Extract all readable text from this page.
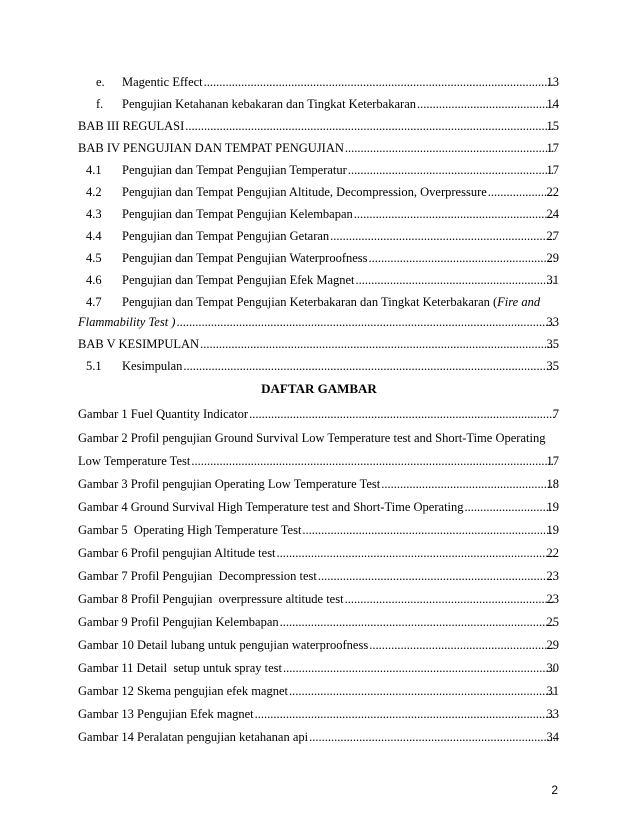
e. Magentic Effect .....	13
f. Pengujian Ketahanan kebakaran dan Tingkat Keterbakaran .....	14
BAB III REGULASI .....	15
BAB IV PENGUJIAN DAN TEMPAT PENGUJIAN .....	17
4.1 Pengujian dan Tempat Pengujian Temperatur .....	17
4.2 Pengujian dan Tempat Pengujian Altitude, Decompression, Overpressure .....	22
4.3 Pengujian dan Tempat Pengujian Kelembapan .....	24
4.4 Pengujian dan Tempat Pengujian Getaran .....	27
4.5 Pengujian dan Tempat Pengujian Waterproofness .....	29
4.6 Pengujian dan Tempat Pengujian Efek Magnet .....	31
4.7 Pengujian dan Tempat Pengujian Keterbakaran dan Tingkat Keterbakaran (Fire and
Flammability Test ) .....	33
BAB V KESIMPULAN .....	35
5.1 Kesimpulan .....	35
DAFTAR GAMBAR
Gambar 1 Fuel Quantity Indicator .....	7
Gambar 2 Profil pengujian Ground Survival Low Temperature test and Short-Time Operating
Low Temperature Test .....	17
Gambar 3 Profil pengujian Operating Low Temperature Test .....	18
Gambar 4 Ground Survival High Temperature test and Short-Time Operating .....	19
Gambar 5  Operating High Temperature Test .....	19
Gambar 6 Profil pengujian Altitude test .....	22
Gambar 7 Profil Pengujian  Decompression test .....	23
Gambar 8 Profil Pengujian  overpressure altitude test .....	23
Gambar 9 Profil Pengujian Kelembapan .....	25
Gambar 10 Detail lubang untuk pengujian waterproofness .....	29
Gambar 11 Detail  setup untuk spray test .....	30
Gambar 12 Skema pengujian efek magnet .....	31
Gambar 13 Pengujian Efek magnet .....	33
Gambar 14 Peralatan pengujian ketahanan api .....	34
2
